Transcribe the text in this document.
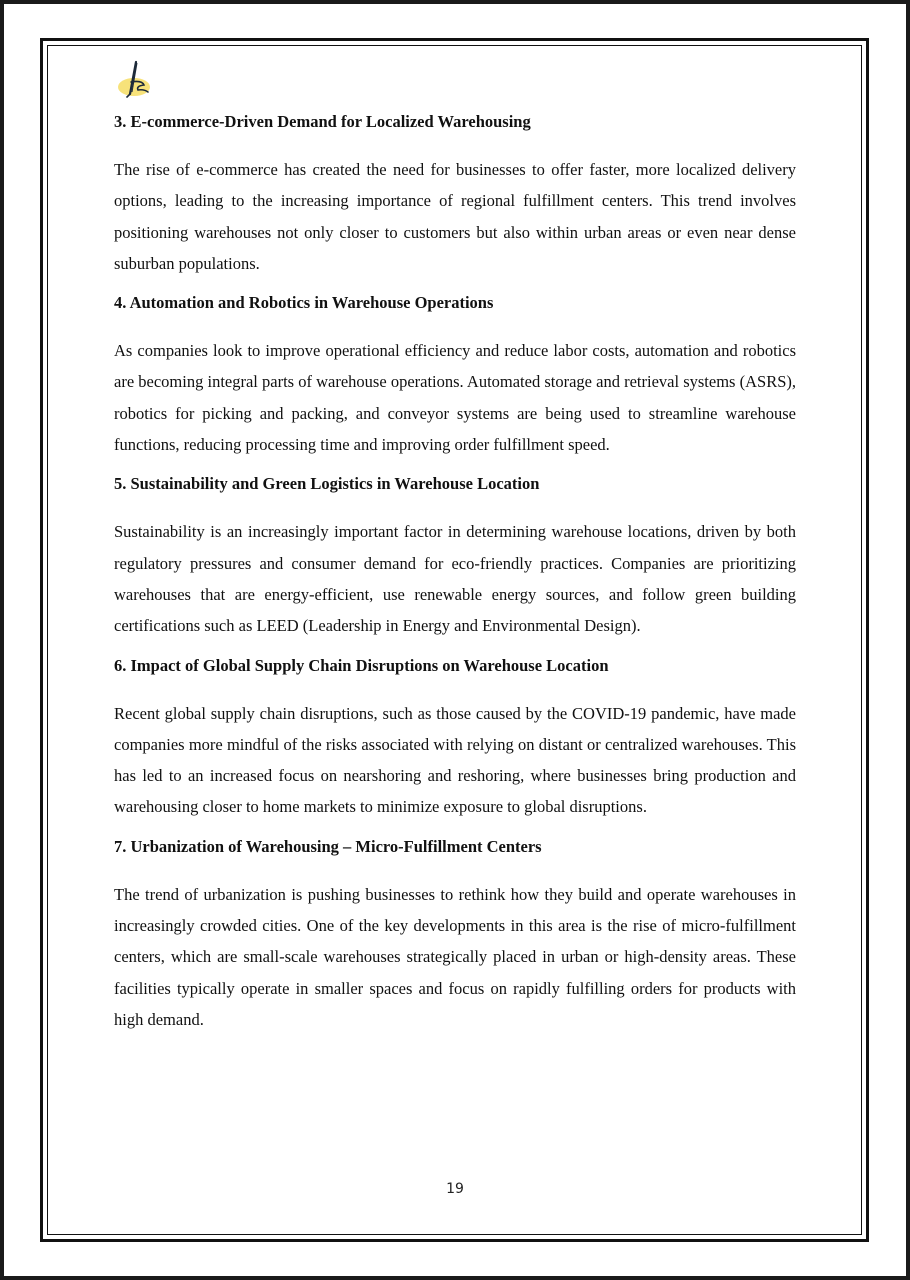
3. E-commerce-Driven Demand for Localized Warehousing
The rise of e-commerce has created the need for businesses to offer faster, more localized delivery options, leading to the increasing importance of regional fulfillment centers. This trend involves positioning warehouses not only closer to customers but also within urban areas or even near dense suburban populations.
4. Automation and Robotics in Warehouse Operations
As companies look to improve operational efficiency and reduce labor costs, automation and robotics are becoming integral parts of warehouse operations. Automated storage and retrieval systems (ASRS), robotics for picking and packing, and conveyor systems are being used to streamline warehouse functions, reducing processing time and improving order fulfillment speed.
5. Sustainability and Green Logistics in Warehouse Location
Sustainability is an increasingly important factor in determining warehouse locations, driven by both regulatory pressures and consumer demand for eco-friendly practices. Companies are prioritizing warehouses that are energy-efficient, use renewable energy sources, and follow green building certifications such as LEED (Leadership in Energy and Environmental Design).
6. Impact of Global Supply Chain Disruptions on Warehouse Location
Recent global supply chain disruptions, such as those caused by the COVID-19 pandemic, have made companies more mindful of the risks associated with relying on distant or centralized warehouses. This has led to an increased focus on nearshoring and reshoring, where businesses bring production and warehousing closer to home markets to minimize exposure to global disruptions.
7. Urbanization of Warehousing – Micro-Fulfillment Centers
The trend of urbanization is pushing businesses to rethink how they build and operate warehouses in increasingly crowded cities. One of the key developments in this area is the rise of micro-fulfillment centers, which are small-scale warehouses strategically placed in urban or high-density areas. These facilities typically operate in smaller spaces and focus on rapidly fulfilling orders for products with high demand.
19
